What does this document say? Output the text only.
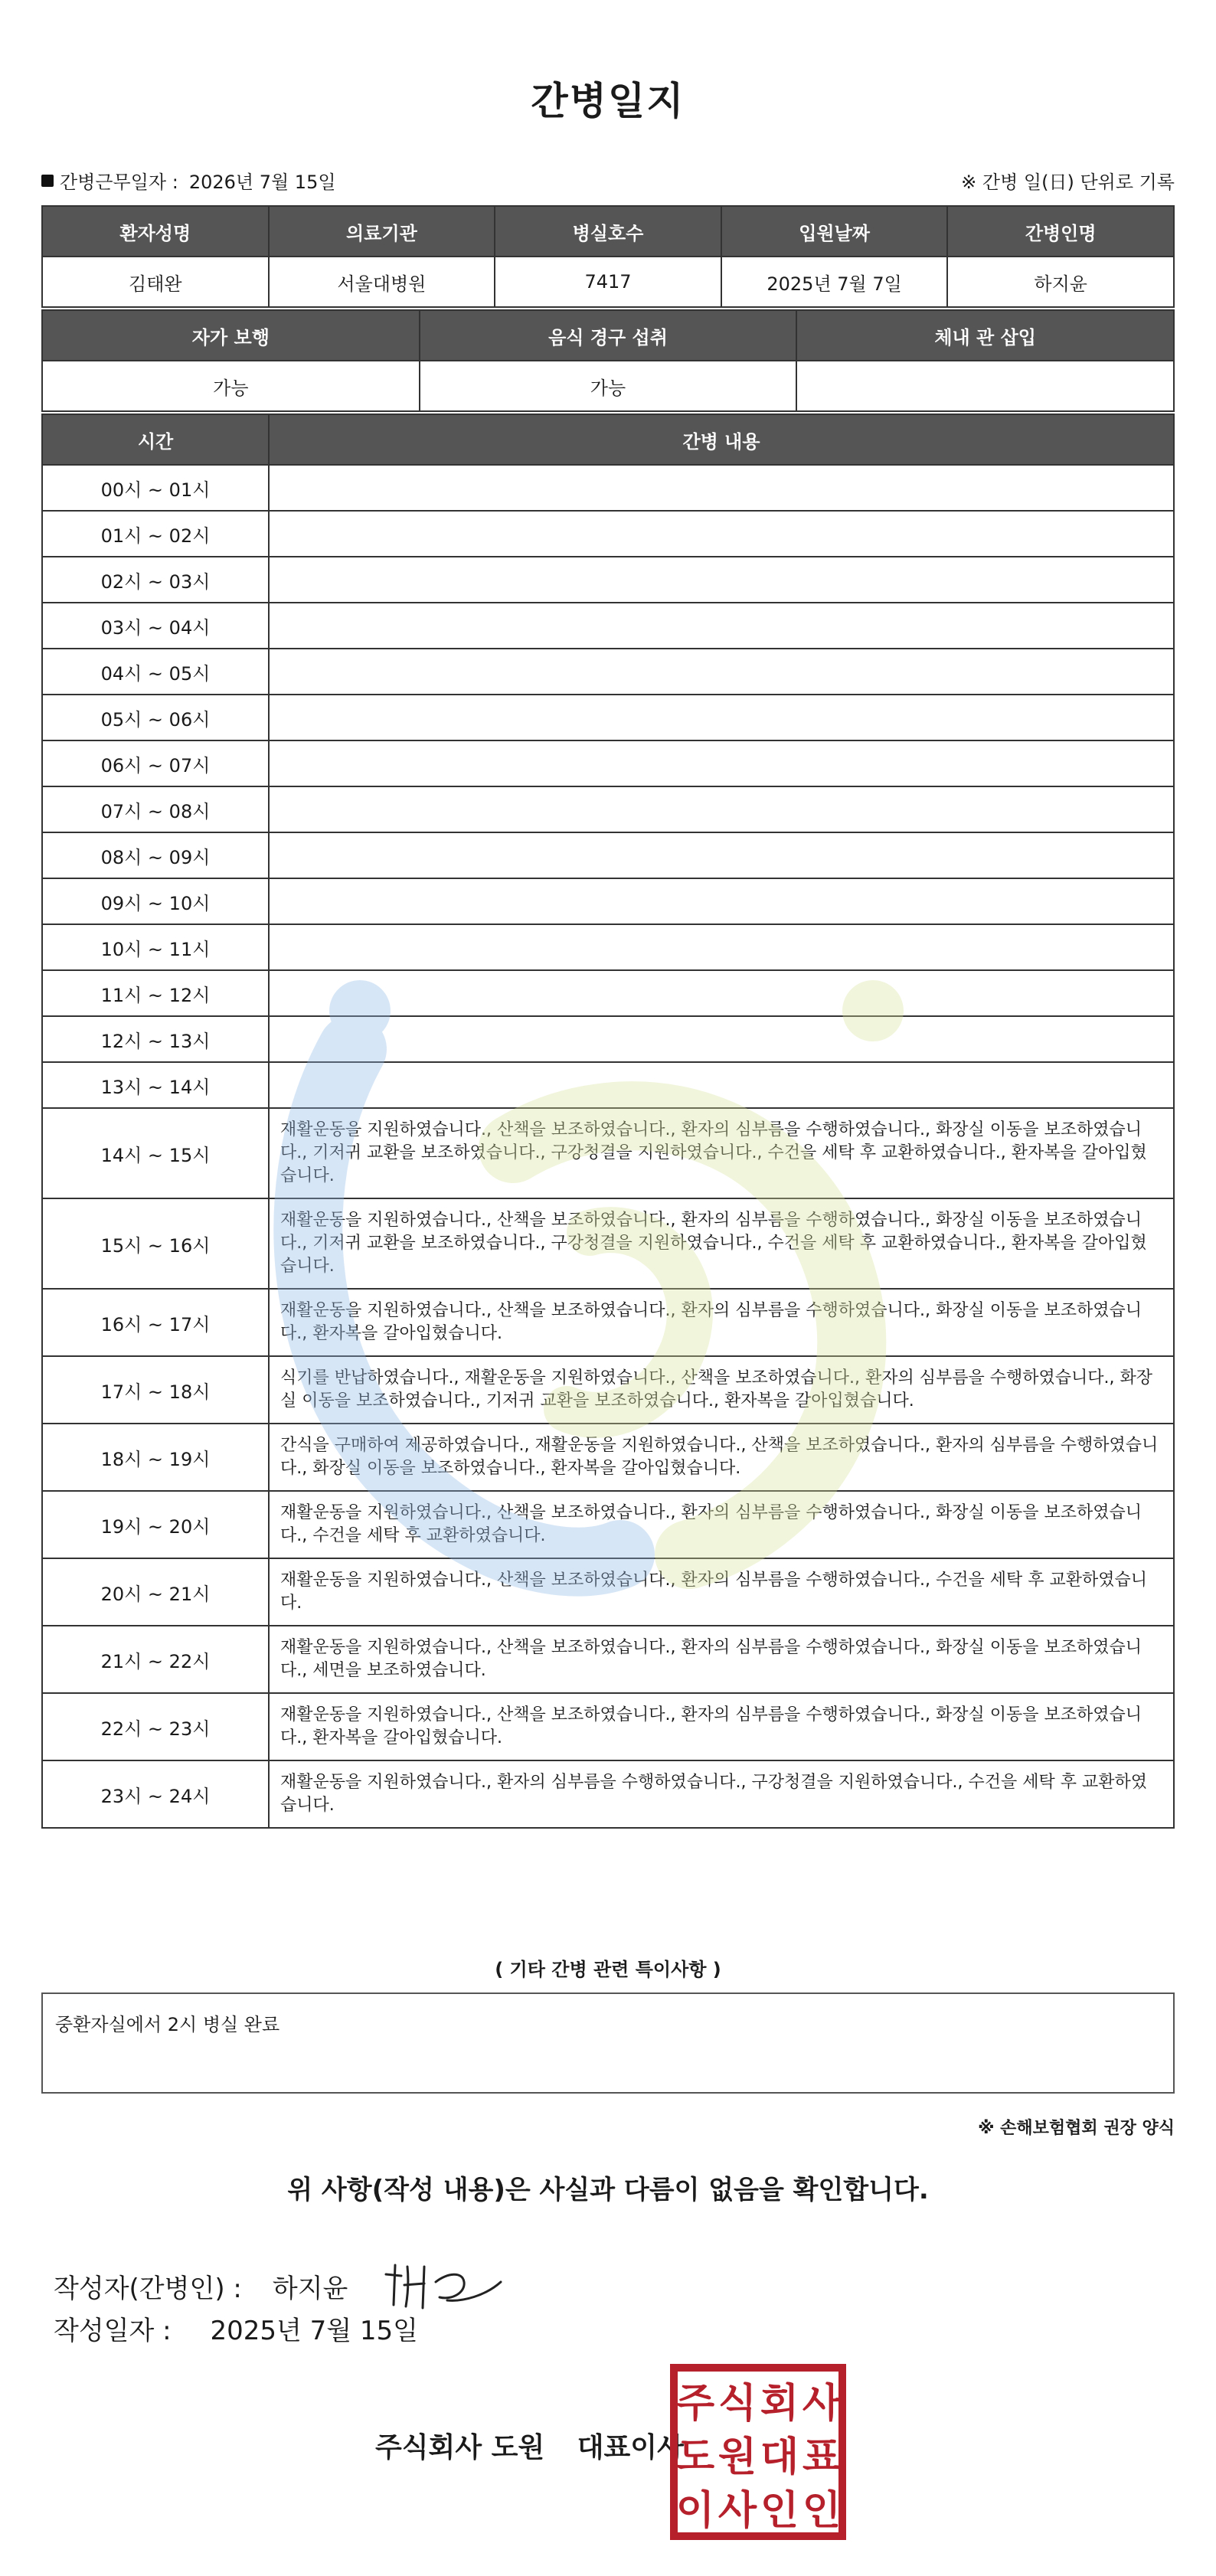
간병일지
간병근무일자 : 2026년 7월 15일	※ 간병 일(日) 단위로 기록
환자성명	의료기관	병실호수	입원날짜	간병인명
김태완	서울대병원	7417	2025년 7월 7일	하지윤
자가 보행	음식 경구 섭취	체내 관 삽입
가능	가능	
시간	간병 내용
00시 ~ 01시	
01시 ~ 02시	
02시 ~ 03시	
03시 ~ 04시	
04시 ~ 05시	
05시 ~ 06시	
06시 ~ 07시	
07시 ~ 08시	
08시 ~ 09시	
09시 ~ 10시	
10시 ~ 11시	
11시 ~ 12시	
12시 ~ 13시	
13시 ~ 14시	
14시 ~ 15시	재활운동을 지원하였습니다., 산책을 보조하였습니다., 환자의 심부름을 수행하였습니다., 화장실 이동을 보조하였습니다., 기저귀 교환을 보조하였습니다., 구강청결을 지원하였습니다., 수건을 세탁 후 교환하였습니다., 환자복을 갈아입혔습니다.
15시 ~ 16시	재활운동을 지원하였습니다., 산책을 보조하였습니다., 환자의 심부름을 수행하였습니다., 화장실 이동을 보조하였습니다., 기저귀 교환을 보조하였습니다., 구강청결을 지원하였습니다., 수건을 세탁 후 교환하였습니다., 환자복을 갈아입혔습니다.
16시 ~ 17시	재활운동을 지원하였습니다., 산책을 보조하였습니다., 환자의 심부름을 수행하였습니다., 화장실 이동을 보조하였습니다., 환자복을 갈아입혔습니다.
17시 ~ 18시	식기를 반납하였습니다., 재활운동을 지원하였습니다., 산책을 보조하였습니다., 환자의 심부름을 수행하였습니다., 화장실 이동을 보조하였습니다., 기저귀 교환을 보조하였습니다., 환자복을 갈아입혔습니다.
18시 ~ 19시	간식을 구매하여 제공하였습니다., 재활운동을 지원하였습니다., 산책을 보조하였습니다., 환자의 심부름을 수행하였습니다., 화장실 이동을 보조하였습니다., 환자복을 갈아입혔습니다.
19시 ~ 20시	재활운동을 지원하였습니다., 산책을 보조하였습니다., 환자의 심부름을 수행하였습니다., 화장실 이동을 보조하였습니다., 수건을 세탁 후 교환하였습니다.
20시 ~ 21시	재활운동을 지원하였습니다., 산책을 보조하였습니다., 환자의 심부름을 수행하였습니다., 수건을 세탁 후 교환하였습니다.
21시 ~ 22시	재활운동을 지원하였습니다., 산책을 보조하였습니다., 환자의 심부름을 수행하였습니다., 화장실 이동을 보조하였습니다., 세면을 보조하였습니다.
22시 ~ 23시	재활운동을 지원하였습니다., 산책을 보조하였습니다., 환자의 심부름을 수행하였습니다., 화장실 이동을 보조하였습니다., 환자복을 갈아입혔습니다.
23시 ~ 24시	재활운동을 지원하였습니다., 환자의 심부름을 수행하였습니다., 구강청결을 지원하였습니다., 수건을 세탁 후 교환하였습니다.
( 기타 간병 관련 특이사항 )
중환자실에서 2시 병실 완료
※ 손해보험협회 권장 양식
위 사항(작성 내용)은 사실과 다름이 없음을 확인합니다.
작성자(간병인) : 하지윤
작성일자 : 2025년 7월 15일
주식회사 도원 대표이사
주 식 회 사
도 원 대 표
이 사 인 인
